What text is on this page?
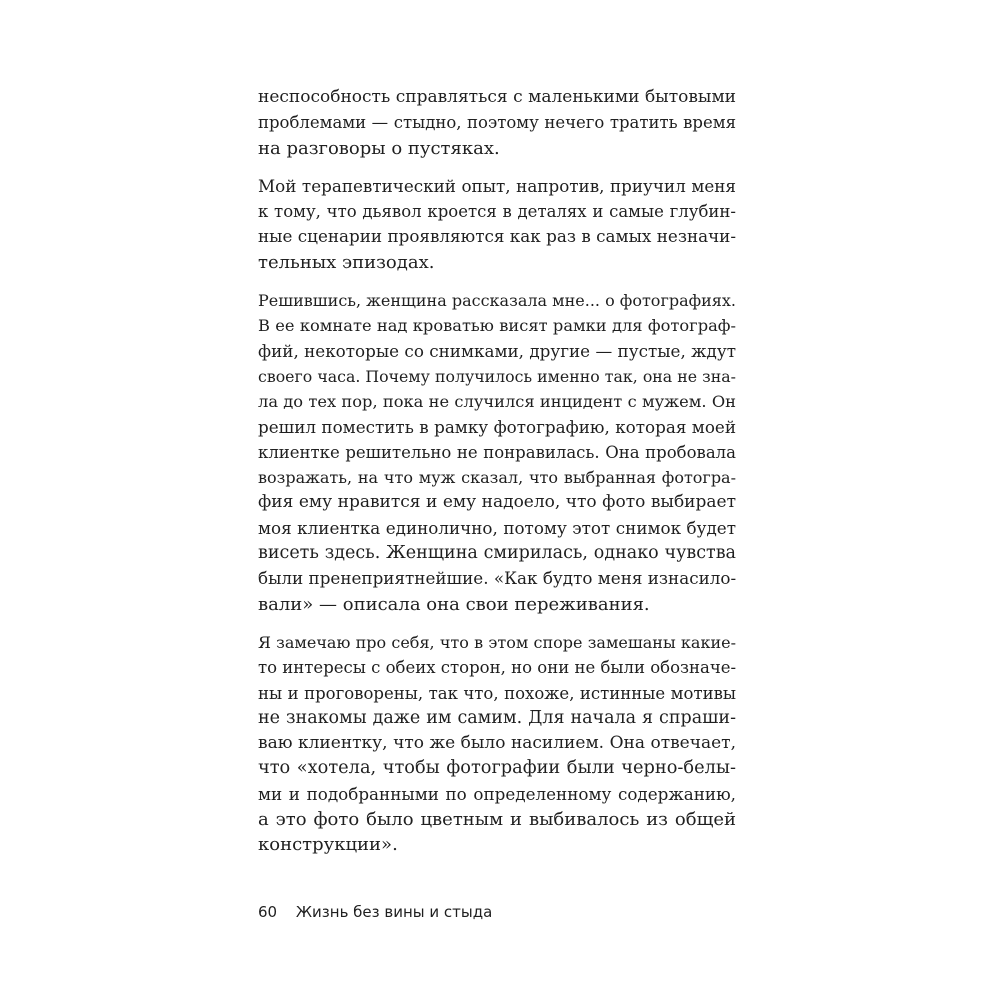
неспособность справляться с маленькими бытовыми
проблемами — стыдно, поэтому нечего тратить время
на разговоры о пустяках.

Мой терапевтический опыт, напротив, приучил меня
к тому, что дьявол кроется в деталях и самые глубин-
ные сценарии проявляются как раз в самых незначи-
тельных эпизодах.

Решившись, женщина рассказала мне... о фотографиях.
В ее комнате над кроватью висят рамки для фотограф-
фий, некоторые со снимками, другие — пустые, ждут
своего часа. Почему получилось именно так, она не зна-
ла до тех пор, пока не случился инцидент с мужем. Он
решил поместить в рамку фотографию, которая моей
клиентке решительно не понравилась. Она пробовала
возражать, на что муж сказал, что выбранная фотогра-
фия ему нравится и ему надоело, что фото выбирает
моя клиентка единолично, потому этот снимок будет
висеть здесь. Женщина смирилась, однако чувства
были пренеприятнейшие. «Как будто меня изнасило-
вали» — описала она свои переживания.

Я замечаю про себя, что в этом споре замешаны какие-
то интересы с обеих сторон, но они не были обозначе-
ны и проговорены, так что, похоже, истинные мотивы
не знакомы даже им самим. Для начала я спраши-
ваю клиентку, что же было насилием. Она отвечает,
что «хотела, чтобы фотографии были черно-белы-
ми и подобранными по определенному содержанию,
а это фото было цветным и выбивалось из общей
конструкции».

60 Жизнь без вины и стыда
